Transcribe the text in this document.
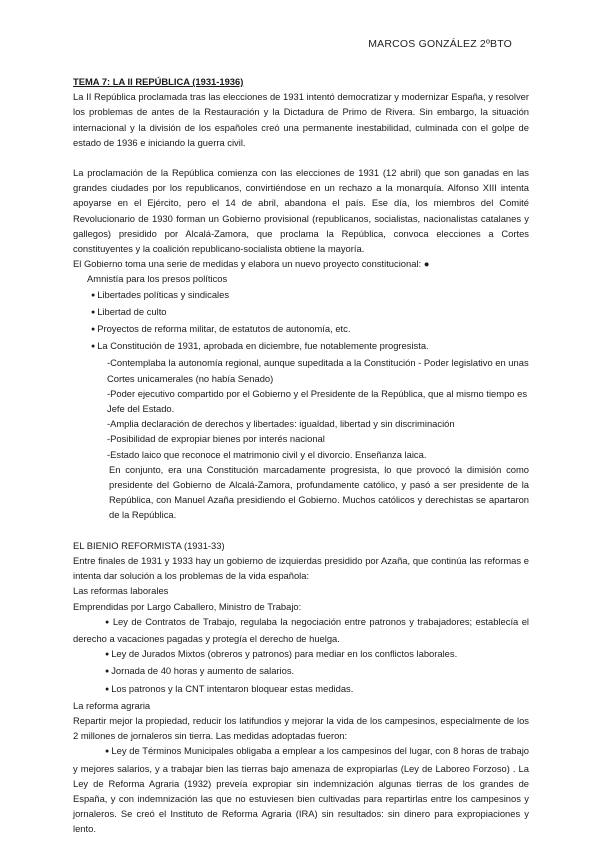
MARCOS GONZÁLEZ 2ºBTO

TEMA 7: LA II REPÚBLICA (1931-1936)

La II República proclamada tras las elecciones de 1931 intentó democratizar y modernizar España, y resolver los problemas de antes de la Restauración y la Dictadura de Primo de Rivera. Sin embargo, la situación internacional y la división de los españoles creó una permanente inestabilidad, culminada con el golpe de estado de 1936 e iniciando la guerra civil.

La proclamación de la República comienza con las elecciones de 1931 (12 abril) que son ganadas en las grandes ciudades por los republicanos, convirtiéndose en un rechazo a la monarquía. Alfonso XIII intenta apoyarse en el Ejército, pero el 14 de abril, abandona el país. Ese día, los miembros del Comité Revolucionario de 1930 forman un Gobierno provisional (republicanos, socialistas, nacionalistas catalanes y gallegos) presidido por Alcalá-Zamora, que proclama la República, convoca elecciones a Cortes constituyentes y la coalición republicano-socialista obtiene la mayoría.

El Gobierno toma una serie de medidas y elabora un nuevo proyecto constitucional: ●

Amnistía para los presos políticos

● Libertades políticas y sindicales

● Libertad de culto

● Proyectos de reforma militar, de estatutos de autonomía, etc.

● La Constitución de 1931, aprobada en diciembre, fue notablemente progresista.

-Contemplaba la autonomía regional, aunque supeditada a la Constitución - Poder legislativo en unas Cortes unicamerales (no había Senado)

-Poder ejecutivo compartido por el Gobierno y el Presidente de la República, que al mismo tiempo es Jefe del Estado.

-Amplia declaración de derechos y libertades: igualdad, libertad y sin discriminación

-Posibilidad de expropiar bienes por interés nacional

-Estado laico que reconoce el matrimonio civil y el divorcio. Enseñanza laica.

En conjunto, era una Constitución marcadamente progresista, lo que provocó la dimisión como presidente del Gobierno de Alcalá-Zamora, profundamente católico, y pasó a ser presidente de la República, con Manuel Azaña presidiendo el Gobierno. Muchos católicos y derechistas se apartaron de la República.

EL BIENIO REFORMISTA (1931-33)

Entre finales de 1931 y 1933 hay un gobierno de izquierdas presidido por Azaña, que continúa las reformas e intenta dar solución a los problemas de la vida española:

Las reformas laborales

Emprendidas por Largo Caballero, Ministro de Trabajo:

● Ley de Contratos de Trabajo, regulaba la negociación entre patronos y trabajadores; establecía el derecho a vacaciones pagadas y protegía el derecho de huelga.

● Ley de Jurados Mixtos (obreros y patronos) para mediar en los conflictos laborales.

● Jornada de 40 horas y aumento de salarios.

● Los patronos y la CNT intentaron bloquear estas medidas.

La reforma agraria

Repartir mejor la propiedad, reducir los latifundios y mejorar la vida de los campesinos, especialmente de los 2 millones de jornaleros sin tierra. Las medidas adoptadas fueron:

● Ley de Términos Municipales obligaba a emplear a los campesinos del lugar, con 8 horas de trabajo y mejores salarios, y a trabajar bien las tierras bajo amenaza de expropiarlas (Ley de Laboreo Forzoso) . La Ley de Reforma Agraria (1932) preveía expropiar sin indemnización algunas tierras de los grandes de España, y con indemnización las que no estuviesen bien cultivadas para repartirlas entre los campesinos y jornaleros. Se creó el Instituto de Reforma Agraria (IRA) sin resultados: sin dinero para expropiaciones y lento.
